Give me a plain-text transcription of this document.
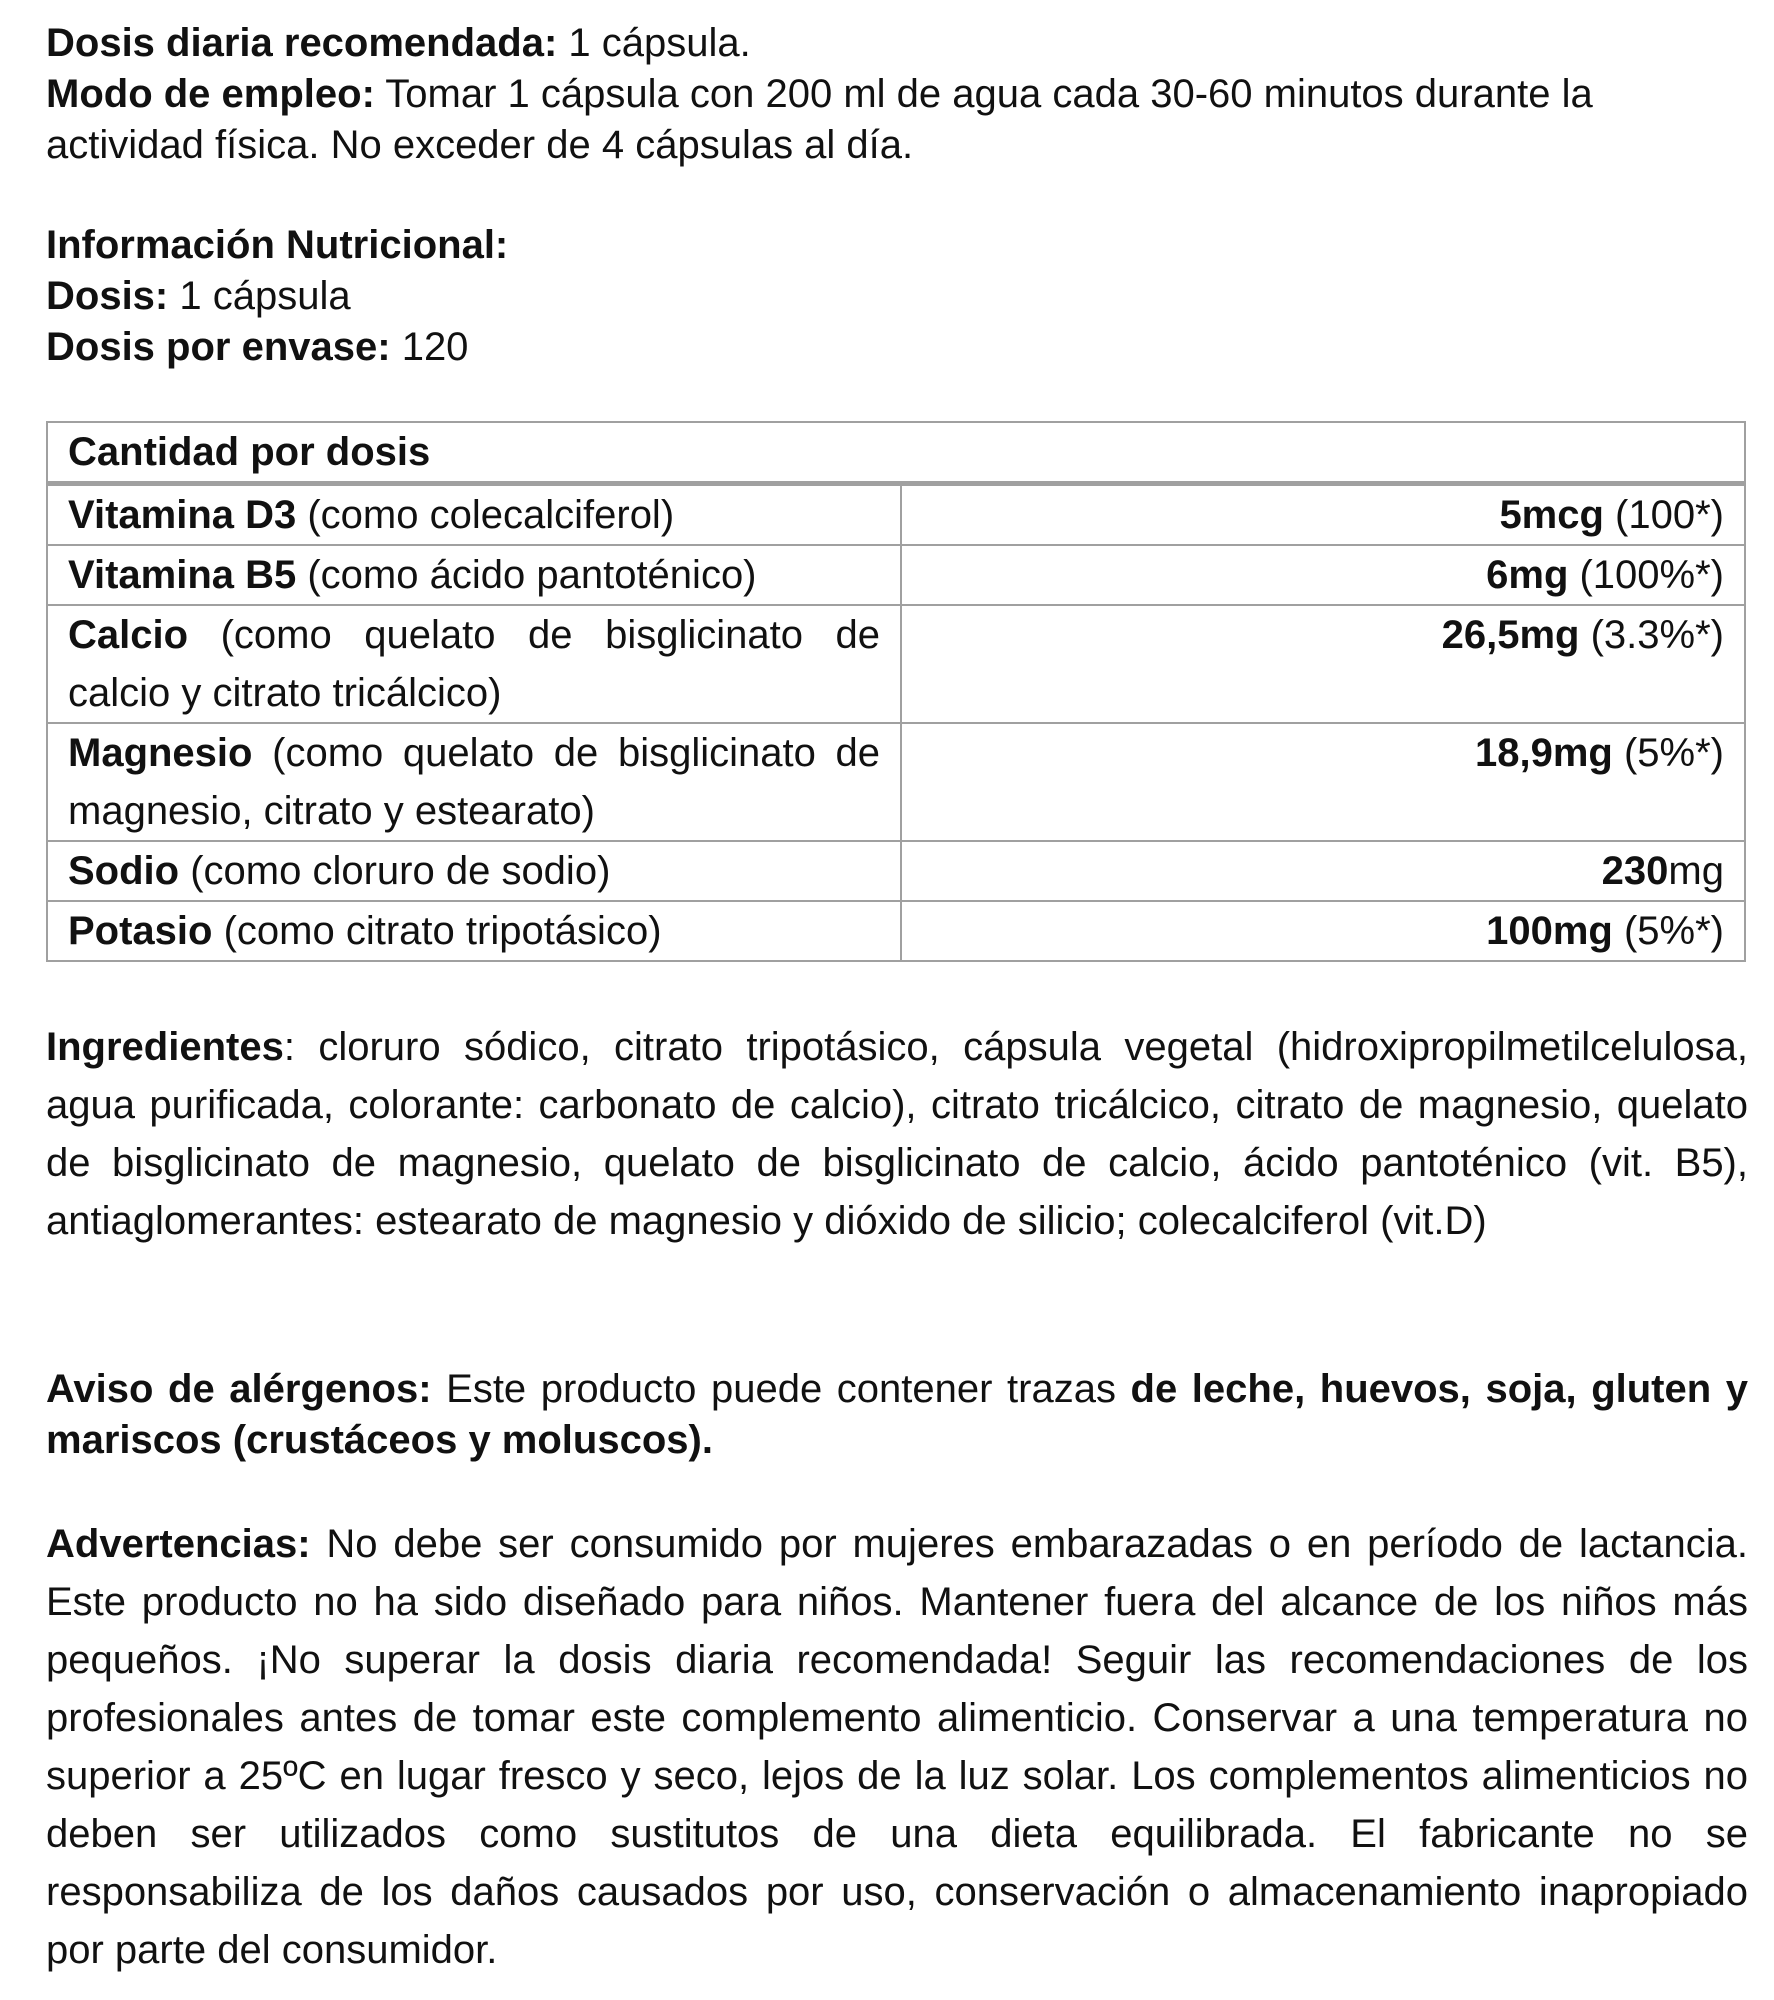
Dosis diaria recomendada: 1 cápsula.

Modo de empleo: Tomar 1 cápsula con 200 ml de agua cada 30-60 minutos durante la actividad física. No exceder de 4 cápsulas al día.

Información Nutricional:

Dosis: 1 cápsula

Dosis por envase: 120

Cantidad por dosis	
Vitamina D3 (como colecalciferol)	5mcg (100*)
Vitamina B5 (como ácido pantoténico)	6mg (100%*)
Calcio (como quelato de bisglicinato de calcio y citrato tricálcico)	26,5mg (3.3%*)
Magnesio (como quelato de bisglicinato de magnesio, citrato y estearato)	18,9mg (5%*)
Sodio (como cloruro de sodio)	230mg
Potasio (como citrato tripotásico)	100mg (5%*)

Ingredientes: cloruro sódico, citrato tripotásico, cápsula vegetal (hidroxipropilmetilcelulosa, agua purificada, colorante: carbonato de calcio), citrato tricálcico, citrato de magnesio, quelato de bisglicinato de magnesio, quelato de bisglicinato de calcio, ácido pantoténico (vit. B5), antiaglomerantes: estearato de magnesio y dióxido de silicio; colecalciferol (vit.D)

Aviso de alérgenos: Este producto puede contener trazas de leche, huevos, soja, gluten y mariscos (crustáceos y moluscos).

Advertencias: No debe ser consumido por mujeres embarazadas o en período de lactancia. Este producto no ha sido diseñado para niños. Mantener fuera del alcance de los niños más pequeños. ¡No superar la dosis diaria recomendada! Seguir las recomendaciones de los profesionales antes de tomar este complemento alimenticio. Conservar a una temperatura no superior a 25ºC en lugar fresco y seco, lejos de la luz solar. Los complementos alimenticios no deben ser utilizados como sustitutos de una dieta equilibrada. El fabricante no se responsabiliza de los daños causados por uso, conservación o almacenamiento inapropiado por parte del consumidor.
